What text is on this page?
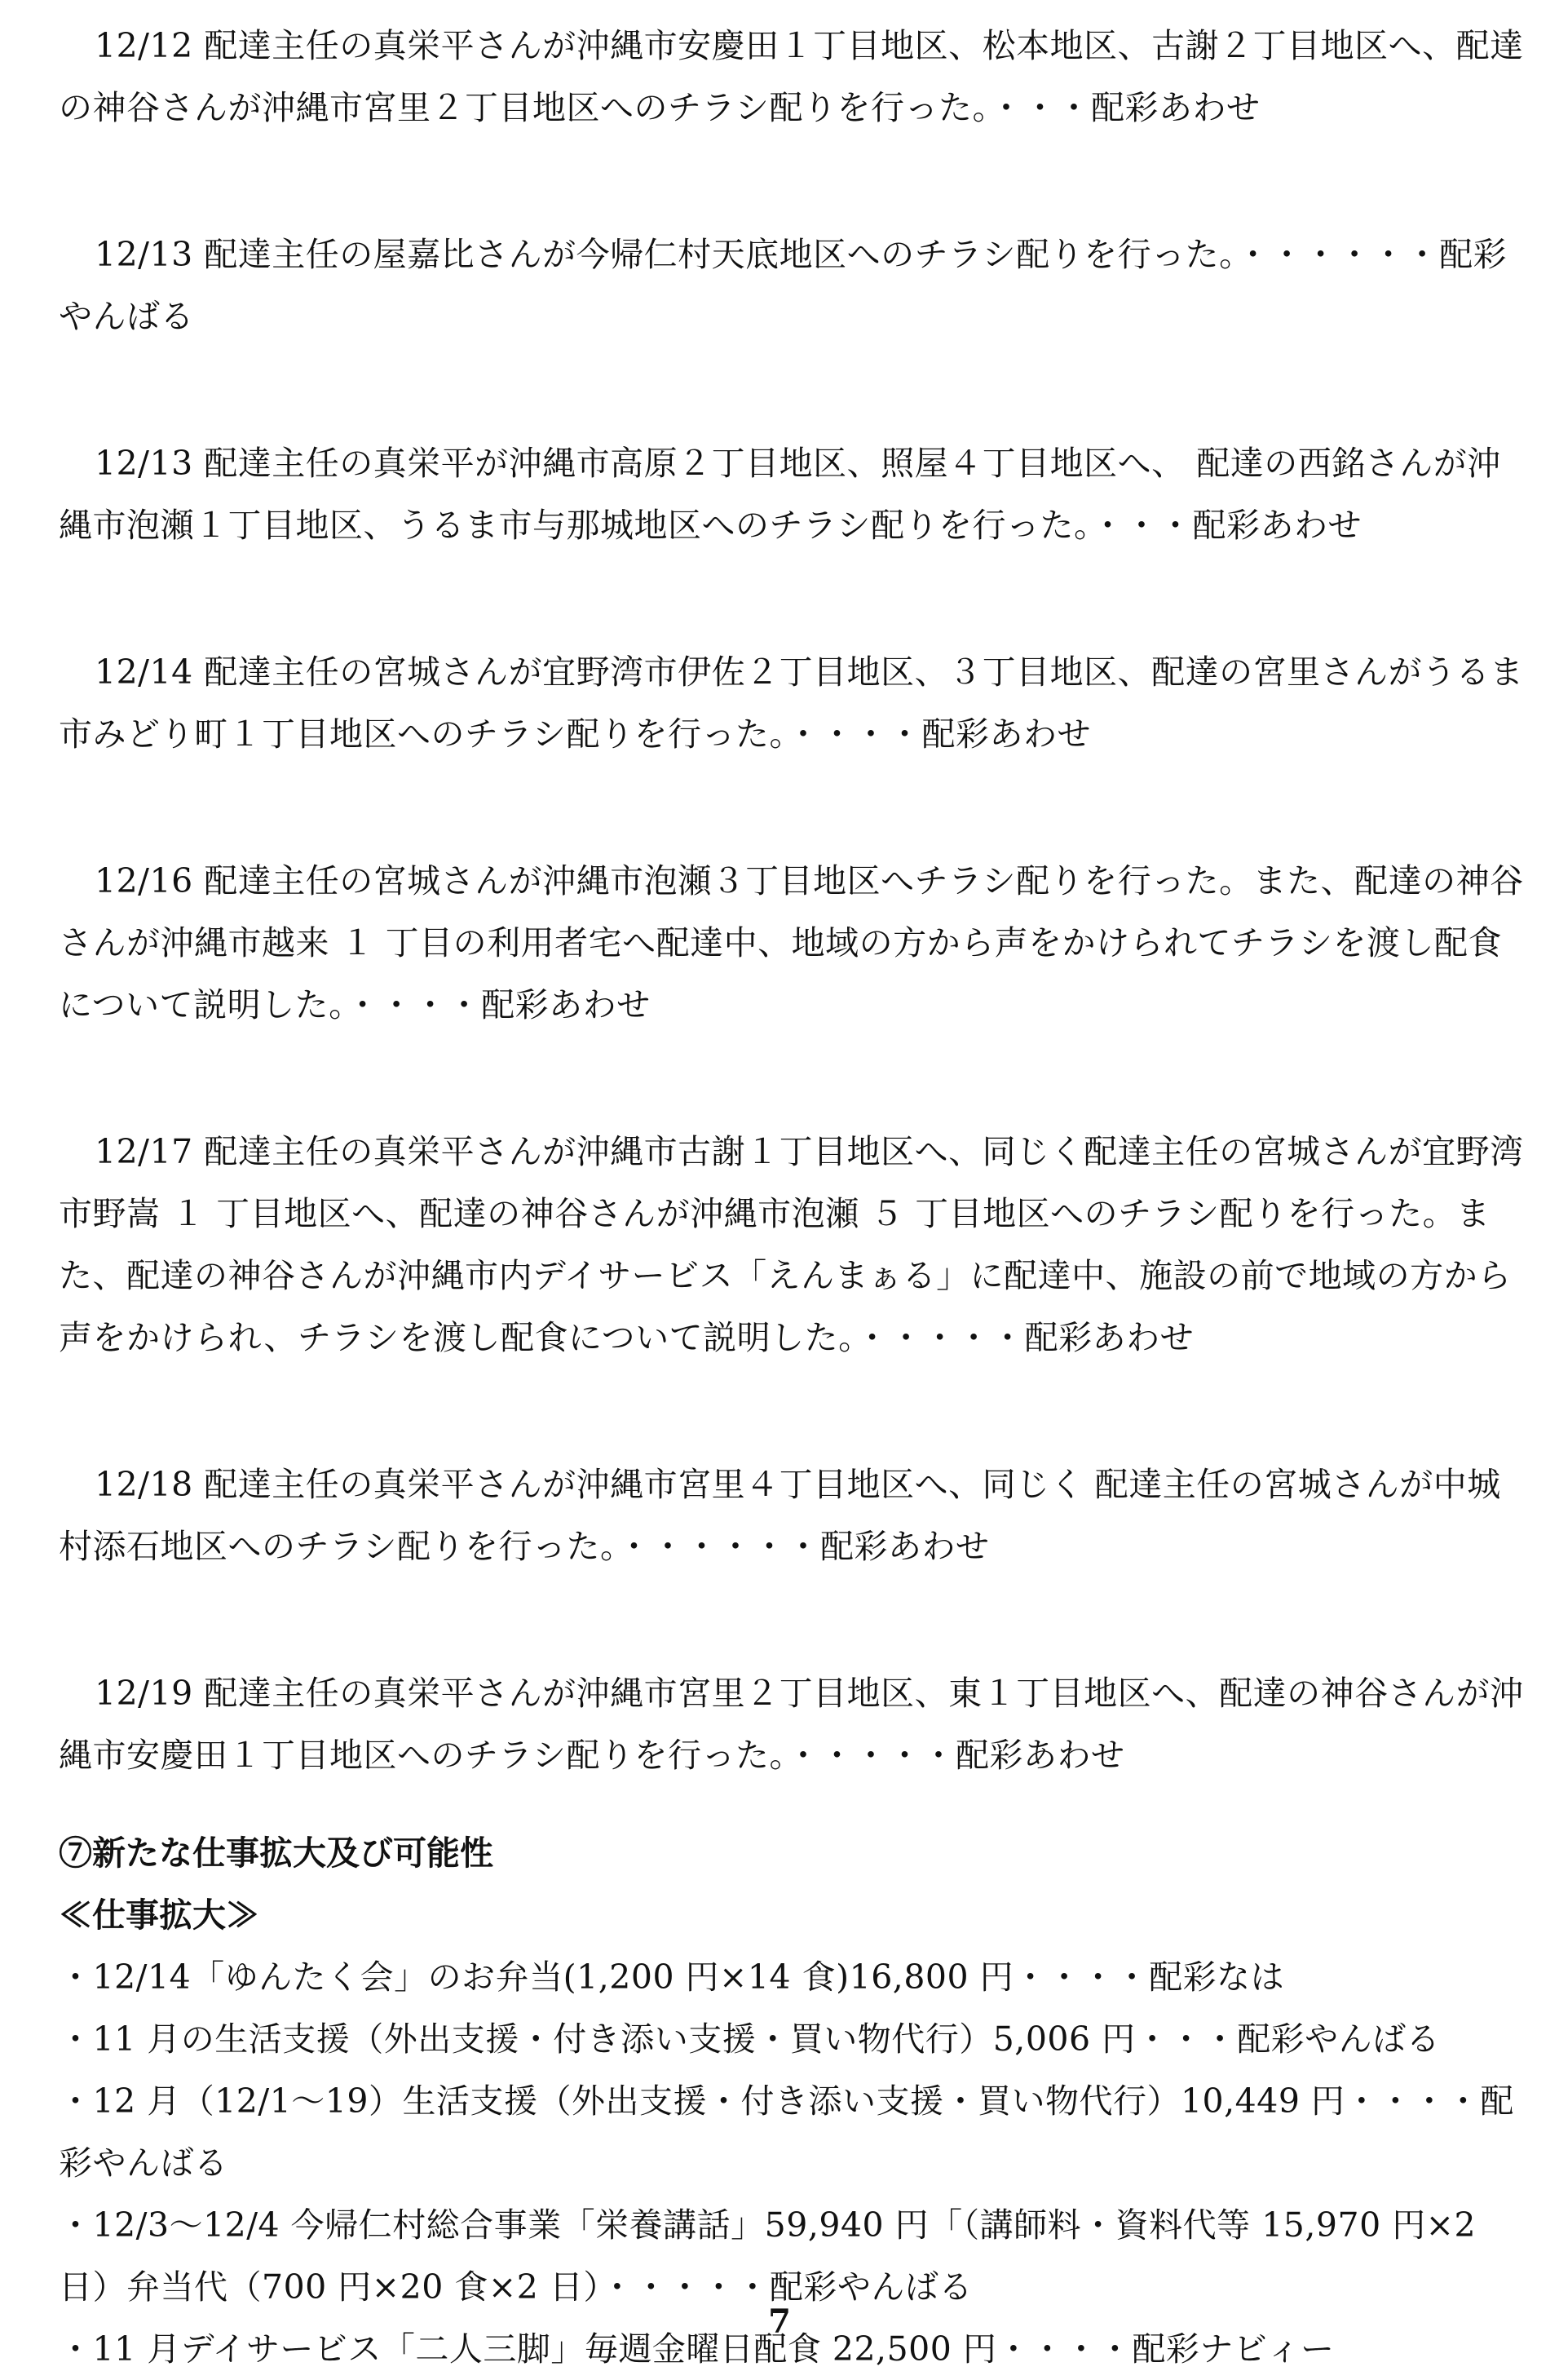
12/12 配達主任の真栄平さんが沖縄市安慶田１丁目地区、松本地区、古謝２丁目地区へ、配達の神谷さんが沖縄市宮里２丁目地区へのチラシ配りを行った。・・・配彩あわせ

12/13 配達主任の屋嘉比さんが今帰仁村天底地区へのチラシ配りを行った。・・・・・・配彩やんばる

12/13 配達主任の真栄平が沖縄市高原２丁目地区、照屋４丁目地区へ、 配達の西銘さんが沖縄市泡瀬１丁目地区、うるま市与那城地区へのチラシ配りを行った。・・・配彩あわせ

12/14 配達主任の宮城さんが宜野湾市伊佐２丁目地区、３丁目地区、配達の宮里さんがうるま市みどり町１丁目地区へのチラシ配りを行った。・・・・配彩あわせ

12/16 配達主任の宮城さんが沖縄市泡瀬３丁目地区へチラシ配りを行った。また、配達の神谷さんが沖縄市越来 １ 丁目の利用者宅へ配達中、地域の方から声をかけられてチラシを渡し配食について説明した。・・・・配彩あわせ

12/17 配達主任の真栄平さんが沖縄市古謝１丁目地区へ、同じく配達主任の宮城さんが宜野湾市野嵩 １ 丁目地区へ、配達の神谷さんが沖縄市泡瀬 ５ 丁目地区へのチラシ配りを行った。また、配達の神谷さんが沖縄市内デイサービス「えんまぁる」に配達中、施設の前で地域の方から声をかけられ、チラシを渡し配食について説明した。・・・・・配彩あわせ

12/18 配達主任の真栄平さんが沖縄市宮里４丁目地区へ、同じく 配達主任の宮城さんが中城村添石地区へのチラシ配りを行った。・・・・・・配彩あわせ

12/19 配達主任の真栄平さんが沖縄市宮里２丁目地区、東１丁目地区へ、配達の神谷さんが沖縄市安慶田１丁目地区へのチラシ配りを行った。・・・・・配彩あわせ

⑦新たな仕事拡大及び可能性

≪仕事拡大≫

・12/14「ゆんたく会」のお弁当(1,200 円×14 食)16,800 円・・・・配彩なは
・11 月の生活支援（外出支援・付き添い支援・買い物代行）5,006 円・・・配彩やんばる
・12 月（12/1～19）生活支援（外出支援・付き添い支援・買い物代行）10,449 円・・・・配彩やんばる
・12/3～12/4 今帰仁村総合事業「栄養講話」59,940 円「（講師料・資料代等 15,970 円×2 日）弁当代（700 円×20 食×2 日）・・・・・配彩やんばる
・11 月デイサービス「二人三脚」毎週金曜日配食 22,500 円・・・・配彩ナビィー
7
